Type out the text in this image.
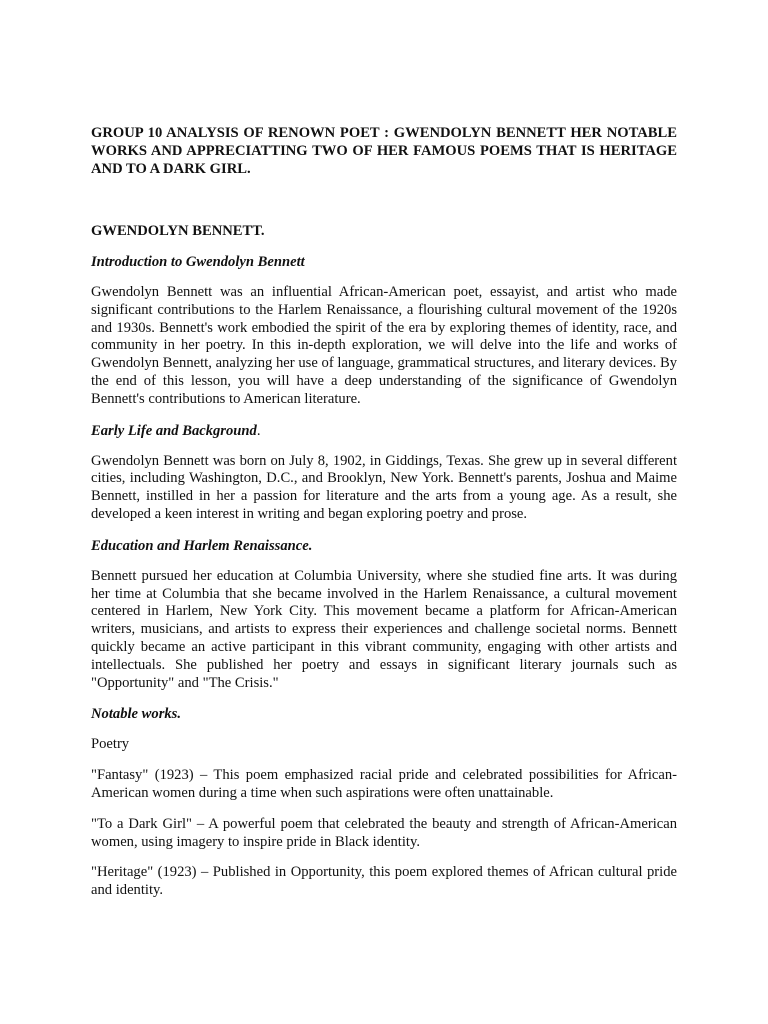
GROUP 10 ANALYSIS OF RENOWN POET : GWENDOLYN BENNETT HER NOTABLE WORKS AND APPRECIATTING TWO OF HER FAMOUS POEMS THAT IS HERITAGE AND TO A DARK GIRL.

GWENDOLYN BENNETT.

Introduction to Gwendolyn Bennett

Gwendolyn Bennett was an influential African-American poet, essayist, and artist who made significant contributions to the Harlem Renaissance, a flourishing cultural movement of the 1920s and 1930s. Bennett's work embodied the spirit of the era by exploring themes of identity, race, and community in her poetry. In this in-depth exploration, we will delve into the life and works of Gwendolyn Bennett, analyzing her use of language, grammatical structures, and literary devices. By the end of this lesson, you will have a deep understanding of the significance of Gwendolyn Bennett's contributions to American literature.

Early Life and Background.

Gwendolyn Bennett was born on July 8, 1902, in Giddings, Texas. She grew up in several different cities, including Washington, D.C., and Brooklyn, New York. Bennett's parents, Joshua and Maime Bennett, instilled in her a passion for literature and the arts from a young age. As a result, she developed a keen interest in writing and began exploring poetry and prose.

Education and Harlem Renaissance.

Bennett pursued her education at Columbia University, where she studied fine arts. It was during her time at Columbia that she became involved in the Harlem Renaissance, a cultural movement centered in Harlem, New York City. This movement became a platform for African-American writers, musicians, and artists to express their experiences and challenge societal norms. Bennett quickly became an active participant in this vibrant community, engaging with other artists and intellectuals. She published her poetry and essays in significant literary journals such as "Opportunity" and "The Crisis."

Notable works.

Poetry

"Fantasy" (1923) – This poem emphasized racial pride and celebrated possibilities for African-American women during a time when such aspirations were often unattainable.

"To a Dark Girl" – A powerful poem that celebrated the beauty and strength of African-American women, using imagery to inspire pride in Black identity.

"Heritage" (1923) – Published in Opportunity, this poem explored themes of African cultural pride and identity.
